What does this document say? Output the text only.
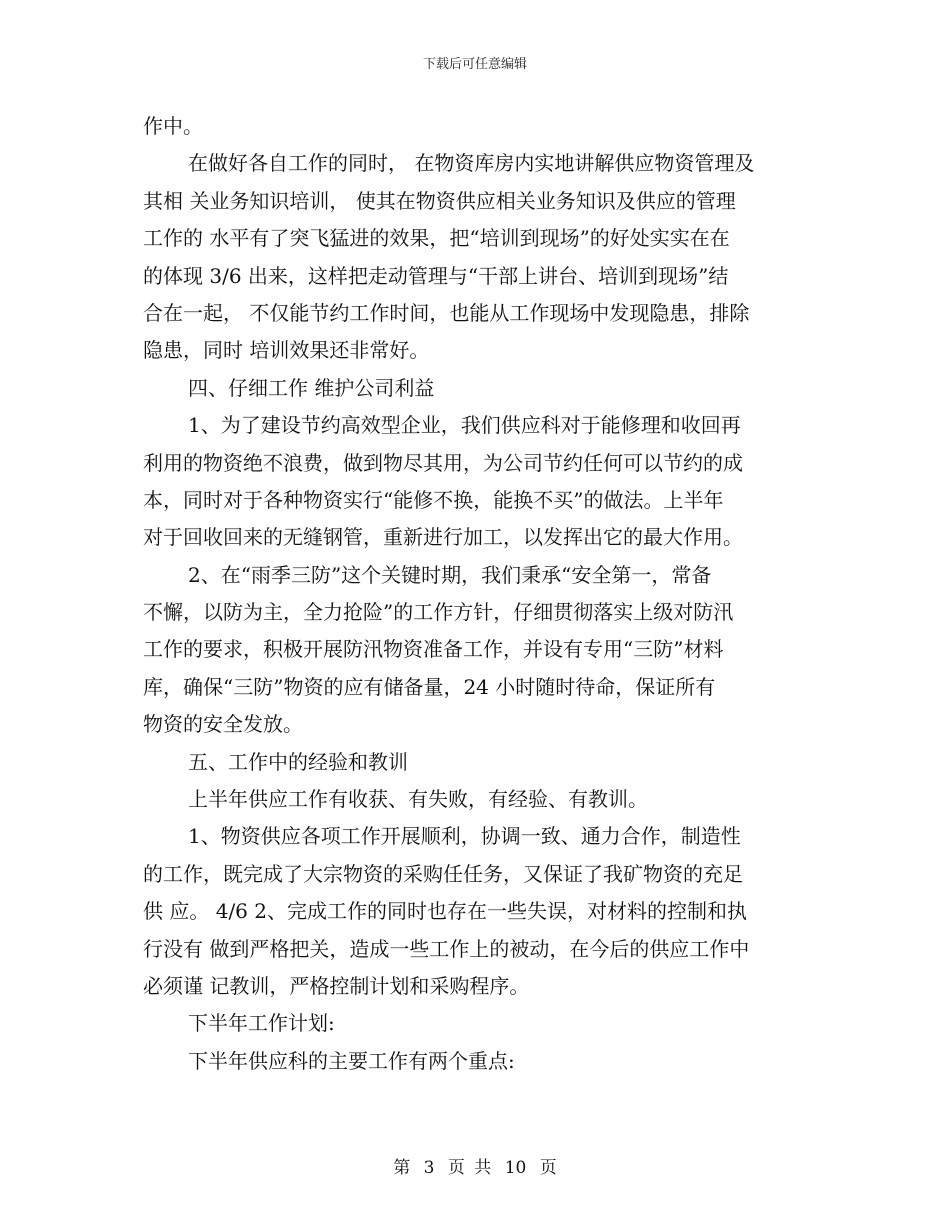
下载后可任意编辑
作中。
在做好各自工作的同时， 在物资库房内实地讲解供应物资管理及
其相 关业务知识培训， 使其在物资供应相关业务知识及供应的管理
工作的 水平有了突飞猛进的效果，把“培训到现场”的好处实实在在
的体现 3/6 出来，这样把走动管理与“干部上讲台、培训到现场”结
合在一起， 不仅能节约工作时间，也能从工作现场中发现隐患，排除
隐患，同时 培训效果还非常好。
四、仔细工作 维护公司利益
1、为了建设节约高效型企业，我们供应科对于能修理和收回再
利用的物资绝不浪费，做到物尽其用，为公司节约任何可以节约的成
本，同时对于各种物资实行“能修不换，能换不买”的做法。上半年
对于回收回来的无缝钢管，重新进行加工，以发挥出它的最大作用。
2、在“雨季三防”这个关键时期，我们秉承“安全第一，常备
不懈，以防为主，全力抢险”的工作方针，仔细贯彻落实上级对防汛
工作的要求，积极开展防汛物资准备工作，并设有专用“三防”材料
库，确保“三防”物资的应有储备量，24 小时随时待命，保证所有
物资的安全发放。
五、工作中的经验和教训
上半年供应工作有收获、有失败，有经验、有教训。
1、物资供应各项工作开展顺利，协调一致、通力合作，制造性
的工作，既完成了大宗物资的采购任任务，又保证了我矿物资的充足
供 应。 4/6 2、完成工作的同时也存在一些失误，对材料的控制和执
行没有 做到严格把关，造成一些工作上的被动，在今后的供应工作中
必须谨 记教训，严格控制计划和采购程序。
下半年工作计划:
下半年供应科的主要工作有两个重点:
第 3 页 共 10 页
